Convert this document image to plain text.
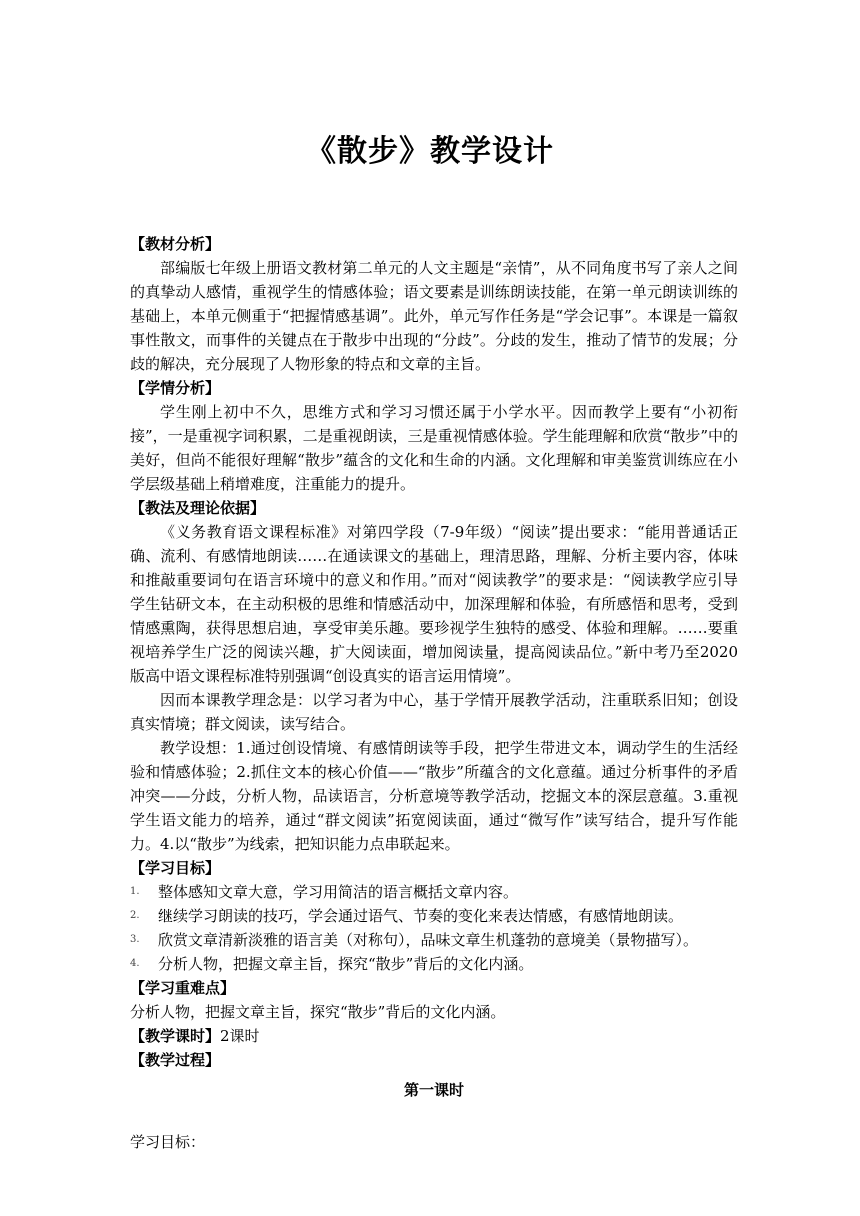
《散步》教学设计
【教材分析】

部编版七年级上册语文教材第二单元的人文主题是“亲情”，从不同角度书写了亲人之间的真挚动人感情，重视学生的情感体验；语文要素是训练朗读技能，在第一单元朗读训练的基础上，本单元侧重于“把握情感基调”。此外，单元写作任务是“学会记事”。本课是一篇叙事性散文，而事件的关键点在于散步中出现的“分歧”。分歧的发生，推动了情节的发展；分歧的解决，充分展现了人物形象的特点和文章的主旨。

【学情分析】

学生刚上初中不久，思维方式和学习习惯还属于小学水平。因而教学上要有“小初衔接”，一是重视字词积累，二是重视朗读，三是重视情感体验。学生能理解和欣赏“散步”中的美好，但尚不能很好理解“散步”蕴含的文化和生命的内涵。文化理解和审美鉴赏训练应在小学层级基础上稍增难度，注重能力的提升。

【教法及理论依据】

《义务教育语文课程标准》对第四学段（7-9年级）“阅读”提出要求：“能用普通话正确、流利、有感情地朗读……在通读课文的基础上，理清思路，理解、分析主要内容，体味和推敲重要词句在语言环境中的意义和作用。”而对“阅读教学”的要求是：“阅读教学应引导学生钻研文本，在主动积极的思维和情感活动中，加深理解和体验，有所感悟和思考，受到情感熏陶，获得思想启迪，享受审美乐趣。要珍视学生独特的感受、体验和理解。……要重视培养学生广泛的阅读兴趣，扩大阅读面，增加阅读量，提高阅读品位。”新中考乃至2020版高中语文课程标准特别强调“创设真实的语言运用情境”。

因而本课教学理念是：以学习者为中心，基于学情开展教学活动，注重联系旧知；创设真实情境；群文阅读，读写结合。

教学设想：1.通过创设情境、有感情朗读等手段，把学生带进文本，调动学生的生活经验和情感体验；2.抓住文本的核心价值——“散步”所蕴含的文化意蕴。通过分析事件的矛盾冲突——分歧，分析人物，品读语言，分析意境等教学活动，挖掘文本的深层意蕴。3.重视学生语文能力的培养，通过“群文阅读”拓宽阅读面，通过“微写作”读写结合，提升写作能力。4.以“散步”为线索，把知识能力点串联起来。

【学习目标】
1. 整体感知文章大意，学习用简洁的语言概括文章内容。
2. 继续学习朗读的技巧，学会通过语气、节奏的变化来表达情感，有感情地朗读。
3. 欣赏文章清新淡雅的语言美（对称句），品味文章生机蓬勃的意境美（景物描写）。
4. 分析人物，把握文章主旨，探究“散步”背后的文化内涵。
【学习重难点】

分析人物，把握文章主旨，探究“散步”背后的文化内涵。

【教学课时】2课时

【教学过程】
第一课时

学习目标：
